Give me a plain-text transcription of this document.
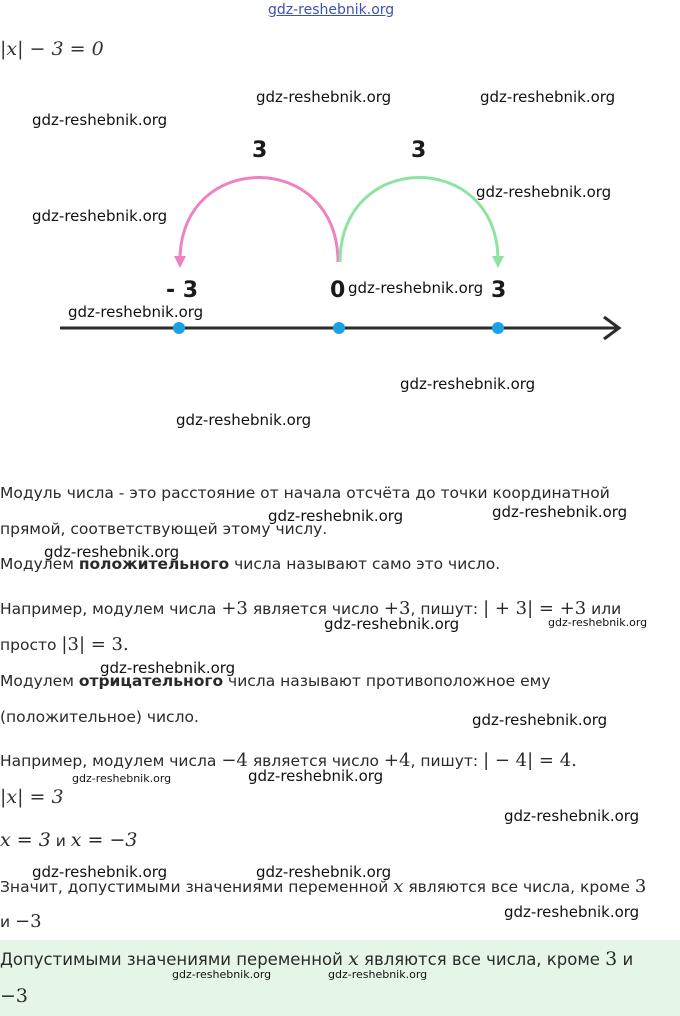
gdz-reshebnik.org
|x| − 3 = 0
3	3
- 3	0	3
Модуль числа - это расстояние от начала отсчёта до точки координатной
прямой, соответствующей этому числу.
Модулем положительного числа называют само это число.
Например, модулем числа +3 является число +3, пишут: | + 3| = +3 или
просто |3| = 3.
Модулем отрицательного числа называют противоположное ему
(положительное) число.
Например, модулем числа −4 является число +4, пишут: | − 4| = 4.
|x| = 3
x = 3 и x = −3
Значит, допустимыми значениями переменной x являются все числа, кроме 3
и −3
Допустимыми значениями переменной x являются все числа, кроме 3 и
−3
gdz-reshebnik.org	gdz-reshebnik.org
gdz-reshebnik.org
gdz-reshebnik.org
gdz-reshebnik.org
gdz-reshebnik.org
gdz-reshebnik.org
gdz-reshebnik.org
gdz-reshebnik.org
gdz-reshebnik.org	gdz-reshebnik.org
gdz-reshebnik.org
gdz-reshebnik.org
gdz-reshebnik.org
gdz-reshebnik.org
gdz-reshebnik.org
gdz-reshebnik.org	gdz-reshebnik.org
gdz-reshebnik.org
gdz-reshebnik.org	gdz-reshebnik.org
gdz-reshebnik.org
gdz-reshebnik.org	gdz-reshebnik.org
